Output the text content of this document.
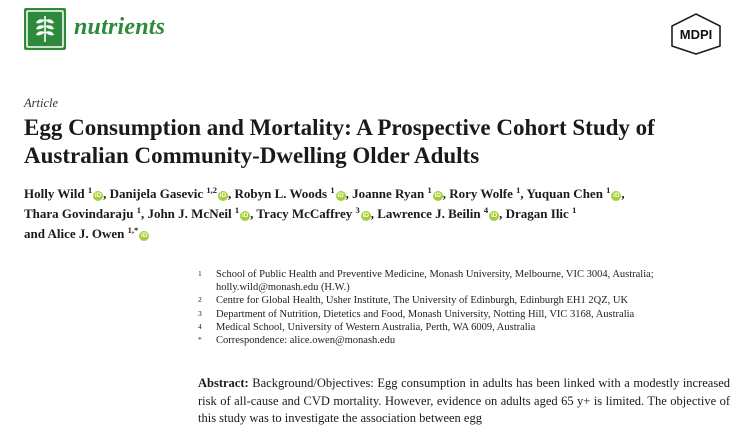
nutrients	MDPI
Article
Egg Consumption and Mortality: A Prospective Cohort Study of Australian Community-Dwelling Older Adults
Holly Wild $^1$iD , Danijela Gasevic $^{1,2}$iD , Robyn L. Woods $^1$iD , Joanne Ryan $^1$iD , Rory Wolfe $^1$, Yuquan Chen $^1$iD ,
Thara Govindaraju $^1$, John J. McNeil $^1$iD , Tracy McCaffrey $^3$iD , Lawrence J. Beilin $^4$iD , Dragan Ilic $^1$
and Alice J. Owen $^{1,*}$iD
1 School of Public Health and Preventive Medicine, Monash University, Melbourne, VIC 3004, Australia; holly.wild@monash.edu (H.W.)
2 Centre for Global Health, Usher Institute, The University of Edinburgh, Edinburgh EH1 2QZ, UK
3 Department of Nutrition, Dietetics and Food, Monash University, Notting Hill, VIC 3168, Australia
4 Medical School, University of Western Australia, Perth, WA 6009, Australia
* Correspondence: alice.owen@monash.edu
Abstract: Background/Objectives: Egg consumption in adults has been linked with a modestly increased risk of all-cause and CVD mortality. However, evidence on adults aged 65 y+ is limited. The objective of this study was to investigate the association between egg
